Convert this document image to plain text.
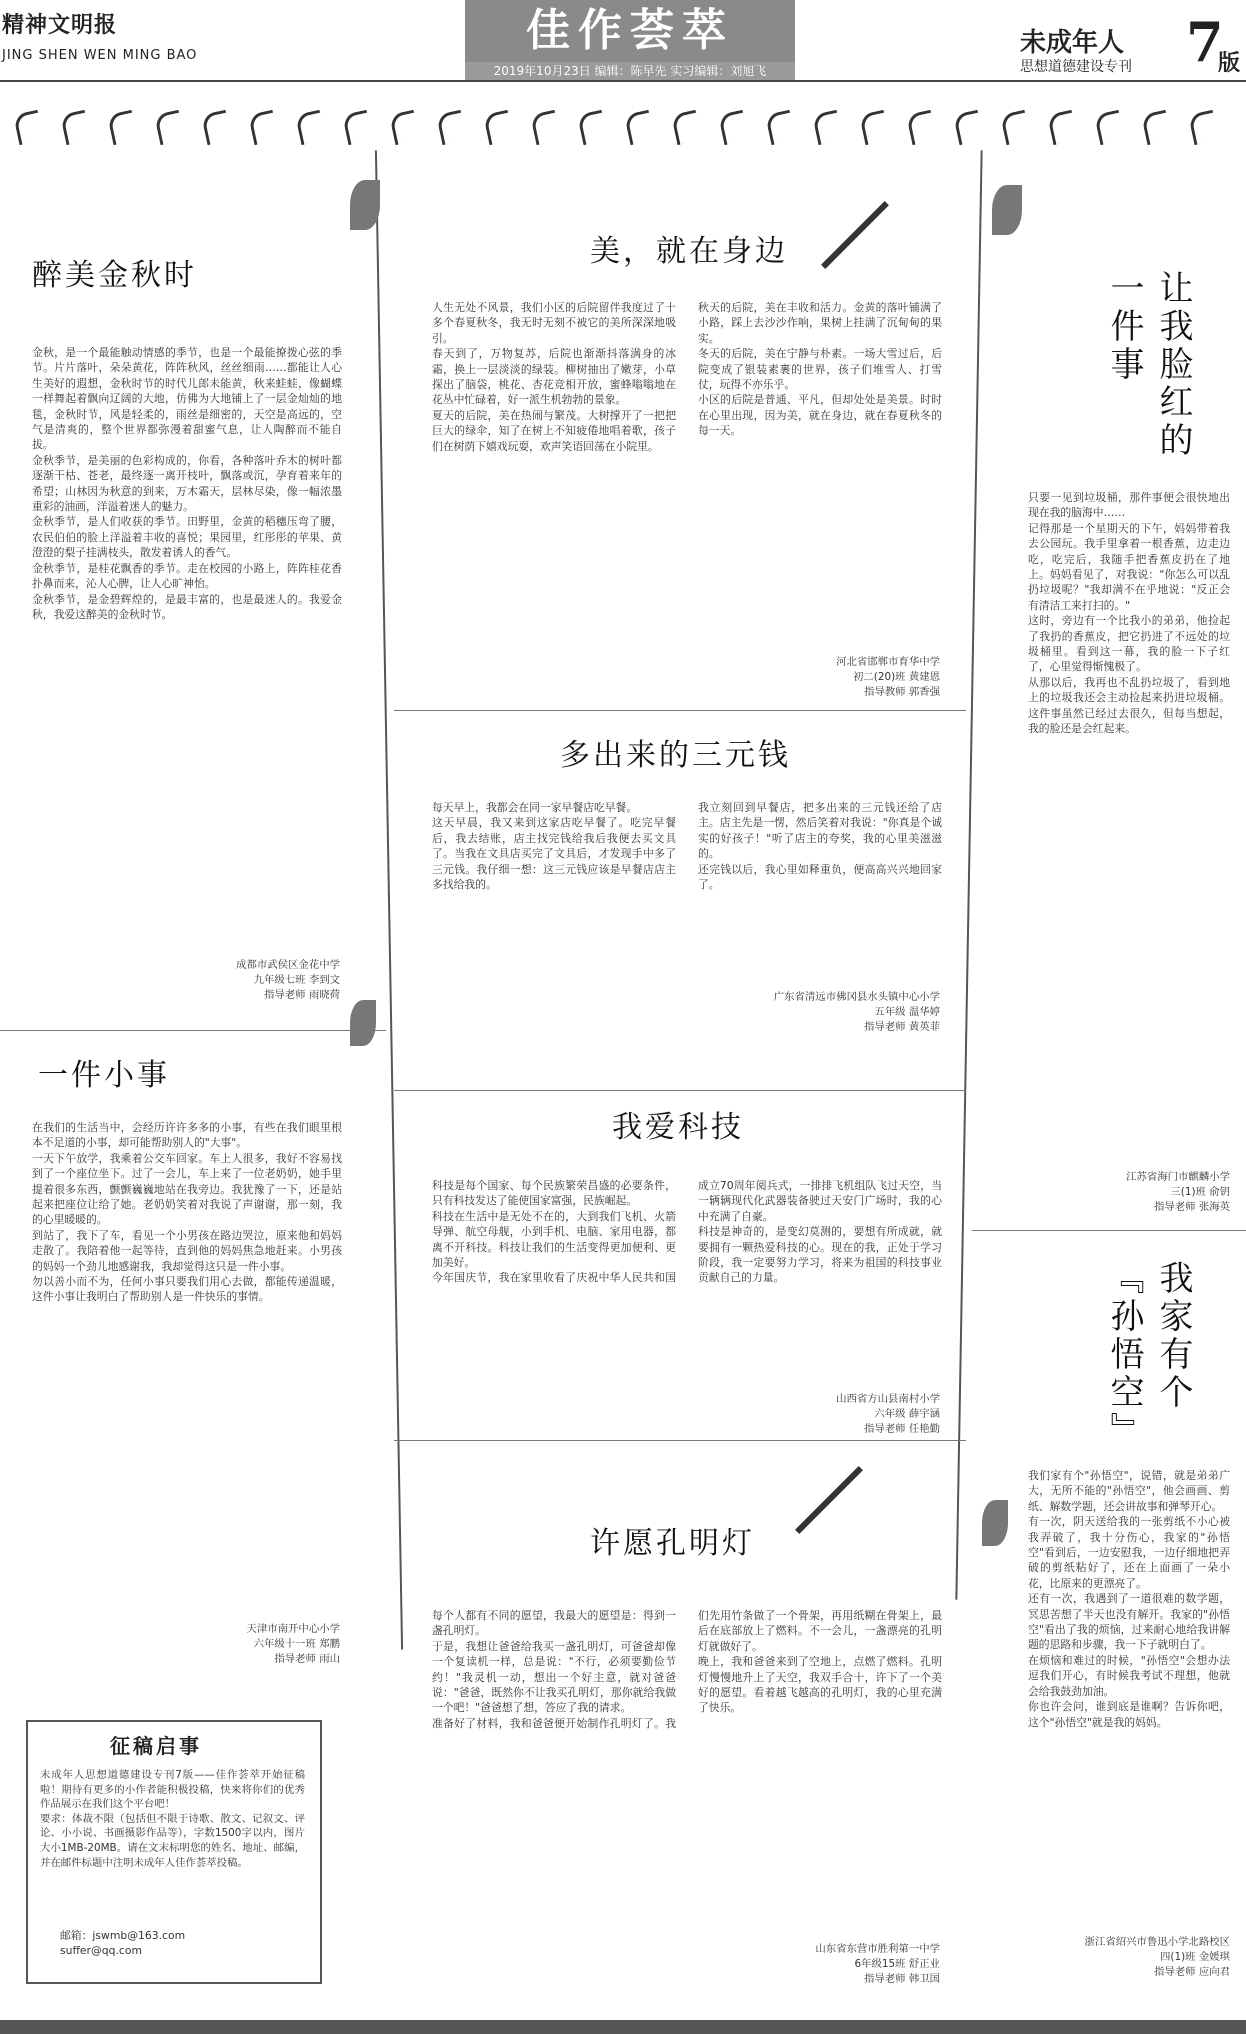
精神文明报
JING SHEN WEN MING BAO	佳作荟萃
2019年10月23日 编辑：陈早先 实习编辑：刘旭飞
未成年人
思想道德建设专刊 7
版
醉美金秋时
金秋，是一个最能触动情感的季节，也是一个最能撩拨心弦的季节。片片落叶，朵朵黄花，阵阵秋风，丝丝细雨……都能让人心生美好的遐想，金秋时节的时代儿郎未能黄，秋来蛙蛙，像蝴蝶一样舞起着飘向辽阔的大地，仿佛为大地铺上了一层金灿灿的地毯，金秋时节，风是轻柔的，雨丝是细密的，天空是高远的，空气是清爽的，整个世界都弥漫着甜蜜气息，让人陶醉而不能自拔。
金秋季节，是美丽的色彩构成的，你看，各种落叶乔木的树叶都逐渐干枯、苍老，最终逐一离开枝叶，飘落或沉，孕育着来年的希望；山林因为秋意的到来，万木霜天，层林尽染，像一幅浓墨重彩的油画，洋溢着迷人的魅力。
金秋季节，是人们收获的季节。田野里，金黄的稻穗压弯了腰，农民伯伯的脸上洋溢着丰收的喜悦；果园里，红彤彤的苹果、黄澄澄的梨子挂满枝头，散发着诱人的香气。
金秋季节，是桂花飘香的季节。走在校园的小路上，阵阵桂花香扑鼻而来，沁人心脾，让人心旷神怡。
金秋季节，是金碧辉煌的，是最丰富的，也是最迷人的。我爱金秋，我爱这醉美的金秋时节。
成都市武侯区金花中学
九年级七班 李到文
指导老师 雨晓荷
一件小事
在我们的生活当中，会经历许许多多的小事，有些在我们眼里根本不足道的小事，却可能帮助别人的"大事"。
一天下午放学，我乘着公交车回家。车上人很多，我好不容易找到了一个座位坐下。过了一会儿，车上来了一位老奶奶，她手里提着很多东西，颤颤巍巍地站在我旁边。我犹豫了一下，还是站起来把座位让给了她。老奶奶笑着对我说了声谢谢，那一刻，我的心里暖暖的。
到站了，我下了车，看见一个小男孩在路边哭泣，原来他和妈妈走散了。我陪着他一起等待，直到他的妈妈焦急地赶来。小男孩的妈妈一个劲儿地感谢我，我却觉得这只是一件小事。
勿以善小而不为，任何小事只要我们用心去做，都能传递温暖，这件小事让我明白了帮助别人是一件快乐的事情。
天津市南开中心小学
六年级十一班 郑鹏
指导老师 雨山
征稿启事
未成年人思想道德建设专刊7版——佳作荟萃开始征稿啦！期待有更多的小作者能积极投稿，快来将你们的优秀作品展示在我们这个平台吧！
要求：体裁不限（包括但不限于诗歌、散文、记叙文、评论、小小说、书画摄影作品等），字数1500字以内，图片大小1MB-20MB。请在文末标明您的姓名、地址、邮编，并在邮件标题中注明未成年人佳作荟萃投稿。
邮箱：jswmb@163.com
suffer@qq.com
美，就在身边
人生无处不风景，我们小区的后院留伴我度过了十多个春夏秋冬，我无时无刻不被它的美所深深地吸引。
春天到了，万物复苏，后院也渐渐抖落满身的冰霜，换上一层淡淡的绿装。柳树抽出了嫩芽，小草探出了脑袋，桃花、杏花竞相开放，蜜蜂嗡嗡地在花丛中忙碌着，好一派生机勃勃的景象。
夏天的后院，美在热闹与繁茂。大树撑开了一把把巨大的绿伞，知了在树上不知疲倦地唱着歌，孩子们在树荫下嬉戏玩耍，欢声笑语回荡在小院里。
秋天的后院，美在丰收和活力。金黄的落叶铺满了小路，踩上去沙沙作响，果树上挂满了沉甸甸的果实。
冬天的后院，美在宁静与朴素。一场大雪过后，后院变成了银装素裹的世界，孩子们堆雪人、打雪仗，玩得不亦乐乎。
小区的后院是普通、平凡，但却处处是美景。时时在心里出现，因为美，就在身边，就在春夏秋冬的每一天。
河北省邯郸市育华中学
初二(20)班 黄建恩
指导教师 郭香强
多出来的三元钱
每天早上，我都会在同一家早餐店吃早餐。
这天早晨，我又来到这家店吃早餐了。吃完早餐后，我去结账，店主找完钱给我后我便去买文具了。当我在文具店买完了文具后，才发现手中多了三元钱。我仔细一想：这三元钱应该是早餐店店主多找给我的。
我立刻回到早餐店，把多出来的三元钱还给了店主。店主先是一愣，然后笑着对我说："你真是个诚实的好孩子！"听了店主的夸奖，我的心里美滋滋的。
还完钱以后，我心里如释重负，便高高兴兴地回家了。
广东省清远市佛冈县水头镇中心小学
五年级 温华婷
指导老师 黄英菲
我爱科技
科技是每个国家、每个民族繁荣昌盛的必要条件，只有科技发达了能使国家富强，民族崛起。
科技在生活中是无处不在的，大到我们飞机、火箭导弹、航空母舰，小到手机、电脑、家用电器，都离不开科技。科技让我们的生活变得更加便利、更加美好。
今年国庆节，我在家里收看了庆祝中华人民共和国成立70周年阅兵式，一排排飞机组队飞过天空，当一辆辆现代化武器装备驶过天安门广场时，我的心中充满了自豪。
科技是神奇的，是变幻莫测的，要想有所成就，就要拥有一颗热爱科技的心。现在的我，正处于学习阶段，我一定要努力学习，将来为祖国的科技事业贡献自己的力量。
山西省方山县南村小学
六年级 薛宇涵
指导老师 任艳勤
许愿孔明灯
每个人都有不同的愿望，我最大的愿望是：得到一盏孔明灯。
于是，我想让爸爸给我买一盏孔明灯，可爸爸却像一个复读机一样，总是说："不行，必须要勤俭节约！"我灵机一动，想出一个好主意，就对爸爸说："爸爸，既然你不让我买孔明灯，那你就给我做一个吧！"爸爸想了想，答应了我的请求。
准备好了材料，我和爸爸便开始制作孔明灯了。我们先用竹条做了一个骨架，再用纸糊在骨架上，最后在底部放上了燃料。不一会儿，一盏漂亮的孔明灯就做好了。
晚上，我和爸爸来到了空地上，点燃了燃料。孔明灯慢慢地升上了天空，我双手合十，许下了一个美好的愿望。看着越飞越高的孔明灯，我的心里充满了快乐。
山东省东营市胜利第一中学
6年级15班 舒正业
指导老师 韩卫国
让我脸红的一件事
只要一见到垃圾桶，那件事便会很快地出现在我的脑海中……
记得那是一个星期天的下午，妈妈带着我去公园玩。我手里拿着一根香蕉，边走边吃，吃完后，我随手把香蕉皮扔在了地上。妈妈看见了，对我说："你怎么可以乱扔垃圾呢？"我却满不在乎地说："反正会有清洁工来打扫的。"
这时，旁边有一个比我小的弟弟，他捡起了我扔的香蕉皮，把它扔进了不远处的垃圾桶里。看到这一幕，我的脸一下子红了，心里觉得惭愧极了。
从那以后，我再也不乱扔垃圾了，看到地上的垃圾我还会主动捡起来扔进垃圾桶。这件事虽然已经过去很久，但每当想起，我的脸还是会红起来。
江苏省海门市麒麟小学
三(1)班 俞钥
指导老师 张海英
我家有个『孙悟空』
我们家有个"孙悟空"，说错，就是弟弟广大，无所不能的"孙悟空"，他会画画、剪纸、解数学题，还会讲故事和弹琴开心。
有一次，阴天送给我的一张剪纸不小心被我弄破了，我十分伤心，我家的"孙悟空"看到后，一边安慰我，一边仔细地把弄破的剪纸粘好了，还在上面画了一朵小花，比原来的更漂亮了。
还有一次，我遇到了一道很难的数学题，冥思苦想了半天也没有解开。我家的"孙悟空"看出了我的烦恼，过来耐心地给我讲解题的思路和步骤，我一下子就明白了。
在烦恼和难过的时候，"孙悟空"会想办法逗我们开心，有时候我考试不理想，他就会给我鼓劲加油。
你也许会问，谁到底是谁啊？告诉你吧，这个"孙悟空"就是我的妈妈。
浙江省绍兴市鲁迅小学北路校区
四(1)班 金媛琪
指导老师 应向君
